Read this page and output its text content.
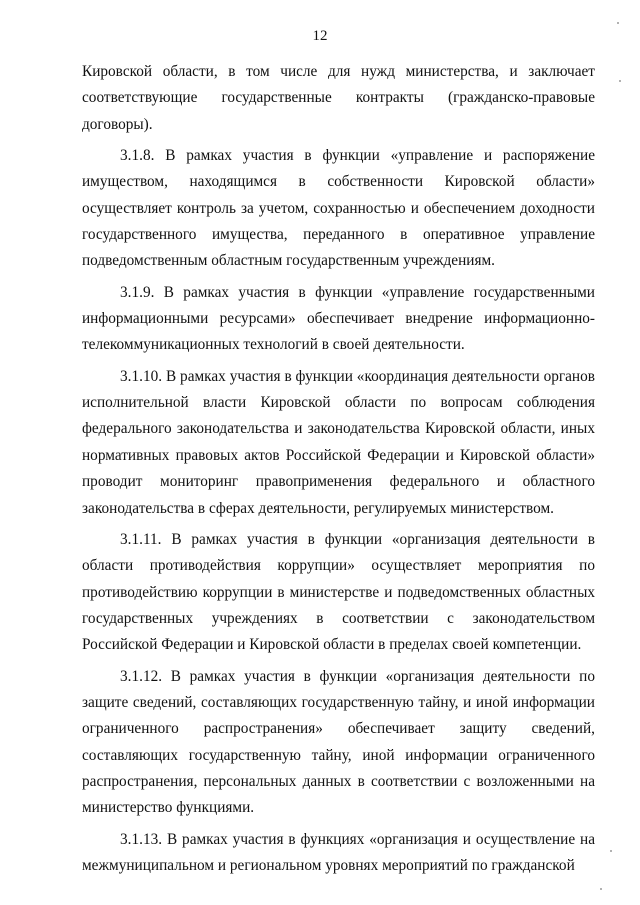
12

Кировской области, в том числе для нужд министерства, и заключает соответствующие государственные контракты (гражданско-правовые договоры).

3.1.8. В рамках участия в функции «управление и распоряжение имуществом, находящимся в собственности Кировской области» осуществляет контроль за учетом, сохранностью и обеспечением доходности государственного имущества, переданного в оперативное управление подведомственным областным государственным учреждениям.

3.1.9. В рамках участия в функции «управление государственными информационными ресурсами» обеспечивает внедрение информационно-телекоммуникационных технологий в своей деятельности.

3.1.10. В рамках участия в функции «координация деятельности органов исполнительной власти Кировской области по вопросам соблюдения федерального законодательства и законодательства Кировской области, иных нормативных правовых актов Российской Федерации и Кировской области» проводит мониторинг правоприменения федерального и областного законодательства в сферах деятельности, регулируемых министерством.

3.1.11. В рамках участия в функции «организация деятельности в области противодействия коррупции» осуществляет мероприятия по противодействию коррупции в министерстве и подведомственных областных государственных учреждениях в соответствии с законодательством Российской Федерации и Кировской области в пределах своей компетенции.

3.1.12. В рамках участия в функции «организация деятельности по защите сведений, составляющих государственную тайну, и иной информации ограниченного распространения» обеспечивает защиту сведений, составляющих государственную тайну, иной информации ограниченного распространения, персональных данных в соответствии с возложенными на министерство функциями.

3.1.13. В рамках участия в функциях «организация и осуществление на межмуниципальном и региональном уровнях мероприятий по гражданской
